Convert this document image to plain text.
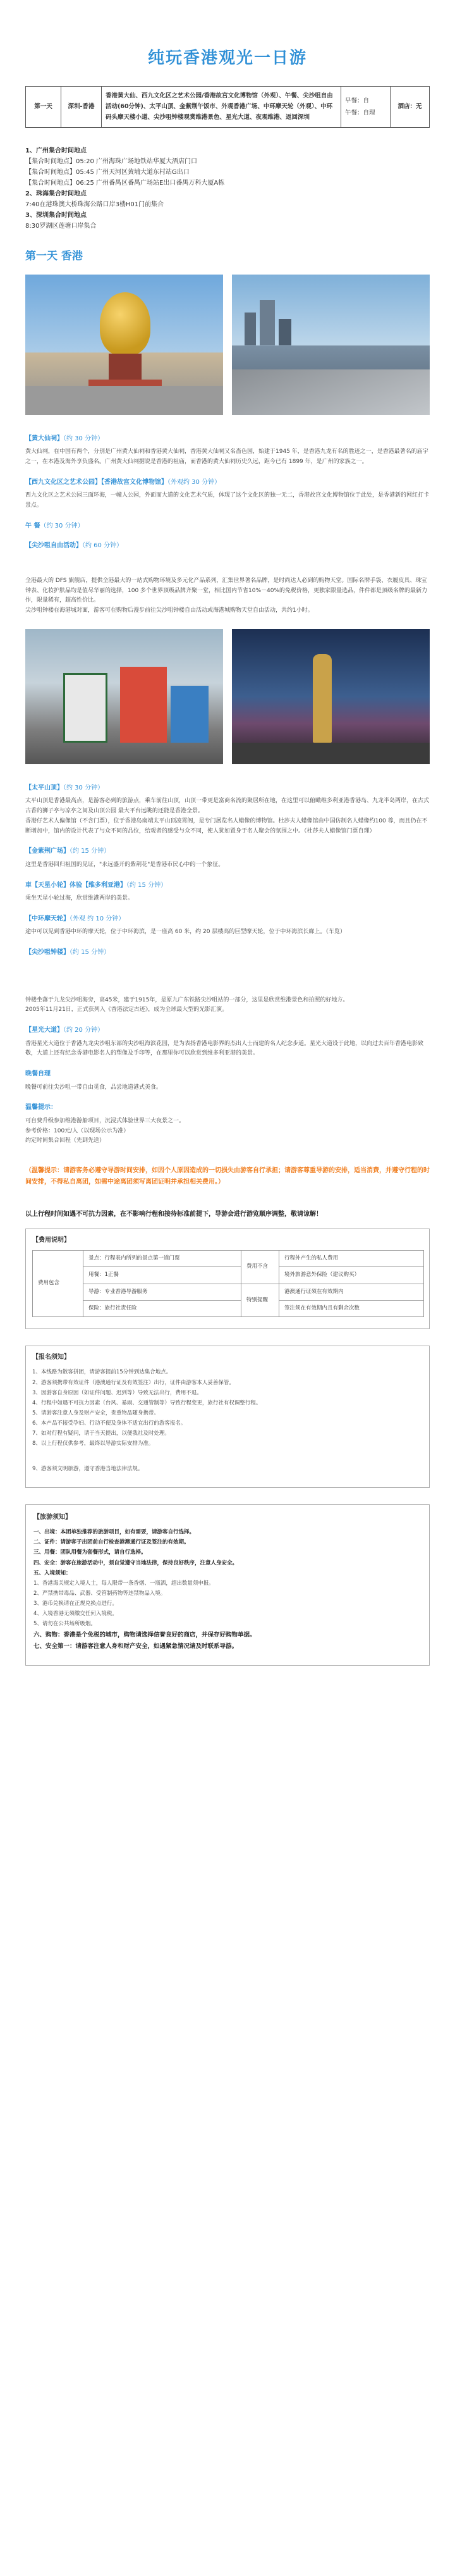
纯玩香港观光一日游
第一天	深圳-香港	香港黄大仙、西九文化区之艺术公园/香港故宫文化博物馆（外观）、午餐、尖沙咀自由活动(60分钟)、太平山顶、金紫荆午饭市、外观香港广场、中环摩天轮（外观）、中环码头摩天楼小道、尖沙咀钟楼观赏维港景色、星光大道、夜观维港、返回深圳	
早餐：自
午餐：自理
	酒店：无

1、广州集合时间地点

【集合时间地点】05:20 广州海珠广场地铁站华厦大酒店门口

【集合时间地点】05:45 广州天河区黄埔大道东村站G出口

【集合时间地点】06:25 广州番禺区番禺广场站E出口番禺万科大厦A栋

2、珠海集合时间地点

7:40在港珠澳大桥珠海公路口岸3楼H01门前集合

3、深圳集合时间地点

8:30罗湖区莲塘口岸集合

第一天 香港
【黄大仙祠】（约 30 分钟）
黄大仙祠，在中国有两个，分别是广州黄大仙祠和香港黄大仙祠，香港黄大仙祠又名啬色园，始建于1945 年，是香港九龙有名的胜迹之一，是香港最著名的庙宇之一，在本港及海外享负盛名。广州黄大仙祠据说是香港的祖庙，而香港的黄大仙祠历史久远，距今已有 1899 年，是广州的家族之一。
【西九文化区之艺术公园】【香港故宫文化博物馆】（外观约 30 分钟）
西九文化区之艺术公园三面环海，一幢人公园，外面而大道的文化艺术气质，体现了这个文化区的独一无二，香港故宫文化博物馆位于此处，是香港新的网红打卡景点。
午 餐（约 30 分钟）
【尖沙咀自由活动】（约 60 分钟）
全港最大的 DFS 旗舰店，提供全港最大的一站式购物环境及多元化产品系列，汇集世界著名品牌，是时尚达人必到的购物天堂。国际名牌手袋、衣履皮具、珠宝钟表、化妆护肤品均是值尽华丽的选择，100 多个世界顶级品牌齐聚一堂，相比国内节省10%－40%的免税价格，更独家限量选品，件件都是顶级名牌的最新力作，限量稀有，超高性价比。
尖沙咀钟楼在海港城对面，游客可在购物后漫步前往尖沙咀钟楼自由活动或海港城购物天堂自由活动，共约1小时。
【太平山顶】（约 30 分钟）
太平山顶是香港最高点，是游客必到的旅游点，乘车前往山顶，山顶一带更是富商名流的聚居所在地，在这里可以俯瞰维多利亚港香港岛、九龙半岛两岸，在古式古香的狮子亭与凉亭之间及山顶公园 最大平台远眺的还能是香港全景。
香港仔艺术人偏像馆（不含门票），位于香港岛南端太平山顶凌霄阁，是专门展览名人蜡像的博物馆。杜莎夫人蜡像馆由中国仿制名人蜡像约100 尊，而且仍在不断增加中，馆内的设计代表了与众不同的品位，给观者的感受与众不同，使人犹如置身于名人聚会的氛围之中。（杜莎夫人蜡像馆门票自理）
【金紫荆广场】（约 15 分钟）
这里是香港回归祖国的见证，"永远盛开的紫荆花"是香港市民心中的一个象征。
車【天星小轮】体验【维多利亚港】（约 15 分钟）
乘坐天星小轮过海，欣赏维港两岸的美景。
【中环摩天轮】（外观 约 10 分钟）
途中可以见到香港中环的摩天轮，位于中环海滨，是一座高 60 米，约 20 层楼高的巨型摩天轮，位于中环海滨长廊上。（车览）
【尖沙咀钟楼】（约 15 分钟）
钟楼坐落于九龙尖沙咀海旁，高45米，建于1915年，是原九广东铁路尖沙咀站的一部分，这里是欣赏维港景色和拍照的好地方。
2005年11月21日，正式获列入《香港法定古迹》，成为全球最大型的光影汇演。
【星光大道】（约 20 分钟）
香港星光大道位于香港九龙尖沙咀东部的尖沙咀海滨花园，是为表扬香港电影界的杰出人士而建的名人纪念步道。星光大道设于此地，以向过去百年香港电影致敬，大道上还有纪念香港电影名人的塑像及手印等，在那里你可以欣赏到维多利亚港的美景。
晚餐自理
晚餐可前往尖沙咀一带自由觅食，品尝地道港式美食。
温馨提示：
可自费升级参加维港游船项目，沉浸式体验世界三大夜景之一。
参考价格：100元/人（以现场公示为准）
约定时间集合回程（先到先送）
（温馨提示：请游客务必遵守导游时间安排，如因个人原因造成的一切损失由游客自行承担；请游客尊重导游的安排，适当消费，并遵守行程的时间安排，不得私自离团，如需中途离团须写离团证明并承担相关费用。）
以上行程时间如遇不可抗力因素，在不影响行程和接待标准前提下，导游会进行游览顺序调整，敬请谅解！
【费用说明】
费用包含	景点：行程表内所列的景点第一道门票	费用不含	行程外产生的私人费用
	用餐：1正餐		境外旅游意外保险（建议购买）
	导游：专业香港导游服务	特别提醒	港澳通行证须在有效期内
	保险：旅行社责任险		签注须在有效期内且有剩余次数
【报名须知】

1、本线路为散客拼团，请游客提前15分钟到达集合地点。

2、游客须携带有效证件（港澳通行证及有效签注）出行，证件由游客本人妥善保管。

3、因游客自身原因（如证件问题、迟到等）导致无法出行，费用不退。

4、行程中如遇不可抗力因素（台风、暴雨、交通管制等）导致行程变更，旅行社有权调整行程。

5、请游客注意人身及财产安全，贵重物品随身携带。

6、本产品不接受孕妇、行动不便及身体不适宜出行的游客报名。

7、如对行程有疑问，请于当天提出，以便我社及时处理。

8、以上行程仅供参考，最终以导游实际安排为准。

9、游客须文明旅游，遵守香港当地法律法规。

【旅游须知】

一、出境：本团单独推荐的旅游项目，如有需要，请游客自行选择。

二、证件：请游客于出团前自行检查港澳通行证及签注的有效期。

三、用餐：团队用餐为套餐形式，请自行选择。

四、安全：游客在旅游活动中，须自觉遵守当地法律，保持良好秩序，注意人身安全。

五、入境须知：

1、香港海关规定入境人士，每人限带一条香烟、一瓶酒，超出数量须申报。

2、严禁携带毒品、武器、受管制药物等违禁物品入境。

3、港币兑换请在正规兑换点进行。

4、入境香港无须缴交任何入境税。

5、请勿在公共场所吸烟。

六、购物：香港是个免税的城市，购物请选择信誉良好的商店，并保存好购物单据。

七、安全第一：请游客注意人身和财产安全，如遇紧急情况请及时联系导游。
